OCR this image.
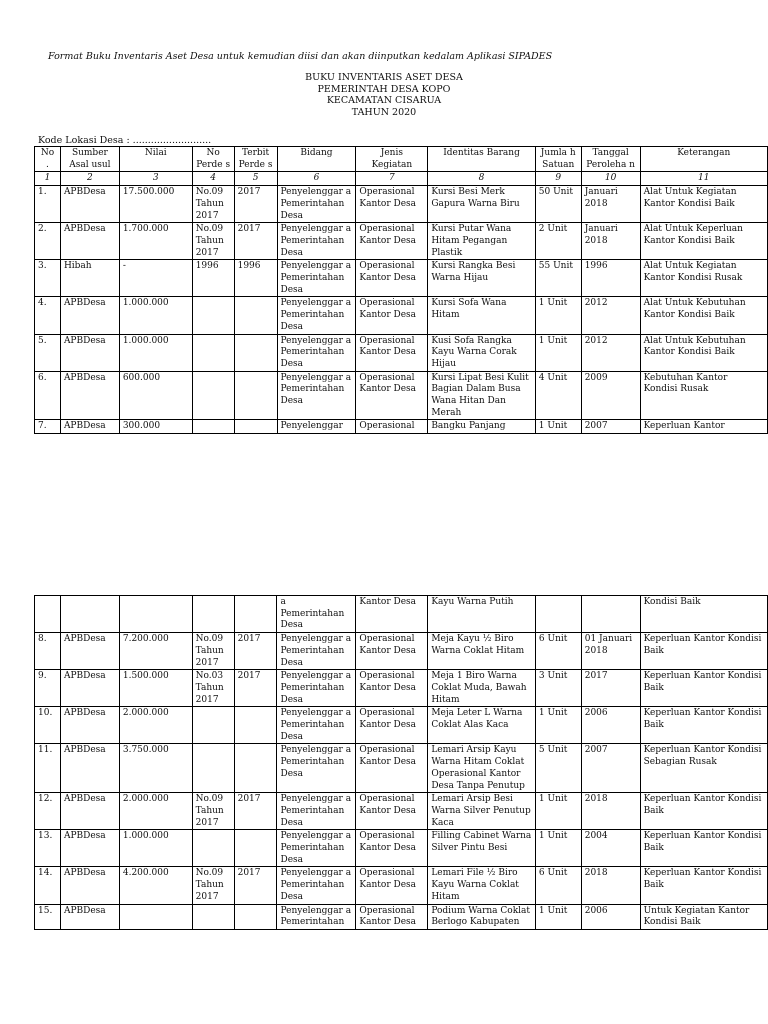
Format Buku Inventaris Aset Desa untuk kemudian diisi dan akan diinputkan kedalam Aplikasi SIPADES
BUKU INVENTARIS ASET DESA
PEMERINTAH DESA KOPO
KECAMATAN CISARUA
TAHUN 2020
Kode Lokasi Desa : ..........................
No .	Sumber Asal usul	Nilai	No Perde s	Terbit Perde s	Bidang	Jenis Kegiatan	Identitas Barang	Jumla h Satuan	Tanggal Peroleha n	Keterangan
1	2	3	4	5	6	7	8	9	10	11
1.	APBDesa	17.500.000	No.09 Tahun 2017	2017	Penyelenggar a Pemerintahan Desa	Operasional Kantor Desa	Kursi Besi Merk Gapura Warna Biru	50 Unit	Januari 2018	Alat Untuk Kegiatan Kantor Kondisi Baik
2.	APBDesa	1.700.000	No.09 Tahun 2017	2017	Penyelenggar a Pemerintahan Desa	Operasional Kantor Desa	Kursi Putar Wana Hitam Pegangan Plastik	2 Unit	Januari 2018	Alat Untuk Keperluan Kantor Kondisi Baik
3.	Hibah	-	1996	1996	Penyelenggar a Pemerintahan Desa	Operasional Kantor Desa	Kursi Rangka Besi Warna Hijau	55 Unit	1996	Alat Untuk Kegiatan Kantor Kondisi Rusak
4.	APBDesa	1.000.000			Penyelenggar a Pemerintahan Desa	Operasional Kantor Desa	Kursi Sofa Wana Hitam	1 Unit	2012	Alat Untuk Kebutuhan Kantor Kondisi Baik
5.	APBDesa	1.000.000			Penyelenggar a Pemerintahan Desa	Operasional Kantor Desa	Kusi Sofa Rangka Kayu Warna Corak Hijau	1 Unit	2012	Alat Untuk Kebutuhan Kantor Kondisi Baik
6.	APBDesa	600.000			Penyelenggar a Pemerintahan Desa	Operasional Kantor Desa	Kursi Lipat Besi Kulit Bagian Dalam Busa Wana Hitan Dan Merah	4 Unit	2009	Kebutuhan Kantor Kondisi Rusak
7.	APBDesa	300.000			Penyelenggar	Operasional	Bangku Panjang	1 Unit	2007	Keperluan Kantor
					a Pemerintahan Desa	Kantor Desa	Kayu Warna Putih			Kondisi Baik
8.	APBDesa	7.200.000	No.09 Tahun 2017	2017	Penyelenggar a Pemerintahan Desa	Operasional Kantor Desa	Meja Kayu ½ Biro Warna Coklat Hitam	6 Unit	01 Januari 2018	Keperluan Kantor Kondisi Baik
9.	APBDesa	1.500.000	No.03 Tahun 2017	2017	Penyelenggar a Pemerintahan Desa	Operasional Kantor Desa	Meja 1 Biro Warna Coklat Muda, Bawah Hitam	3 Unit	2017	Keperluan Kantor Kondisi Baik
10.	APBDesa	2.000.000			Penyelenggar a Pemerintahan Desa	Operasional Kantor Desa	Meja Leter L Warna Coklat Alas Kaca	1 Unit	2006	Keperluan Kantor Kondisi Baik
11.	APBDesa	3.750.000			Penyelenggar a Pemerintahan Desa	Operasional Kantor Desa	Lemari Arsip Kayu Warna Hitam Coklat Operasional Kantor Desa Tanpa Penutup	5 Unit	2007	Keperluan Kantor Kondisi Sebagian Rusak
12.	APBDesa	2.000.000	No.09 Tahun 2017	2017	Penyelenggar a Pemerintahan Desa	Operasional Kantor Desa	Lemari Arsip Besi Warna Silver Penutup Kaca	1 Unit	2018	Keperluan Kantor Kondisi Baik
13.	APBDesa	1.000.000			Penyelenggar a Pemerintahan Desa	Operasional Kantor Desa	Filling Cabinet Warna Silver Pintu Besi	1 Unit	2004	Keperluan Kantor Kondisi Baik
14.	APBDesa	4.200.000	No.09 Tahun 2017	2017	Penyelenggar a Pemerintahan Desa	Operasional Kantor Desa	Lemari File ½ Biro Kayu Warna Coklat Hitam	6 Unit	2018	Keperluan Kantor Kondisi Baik
15.	APBDesa				Penyelenggar a Pemerintahan	Operasional Kantor Desa	Podium Warna Coklat Berlogo Kabupaten	1 Unit	2006	Untuk Kegiatan Kantor Kondisi Baik
